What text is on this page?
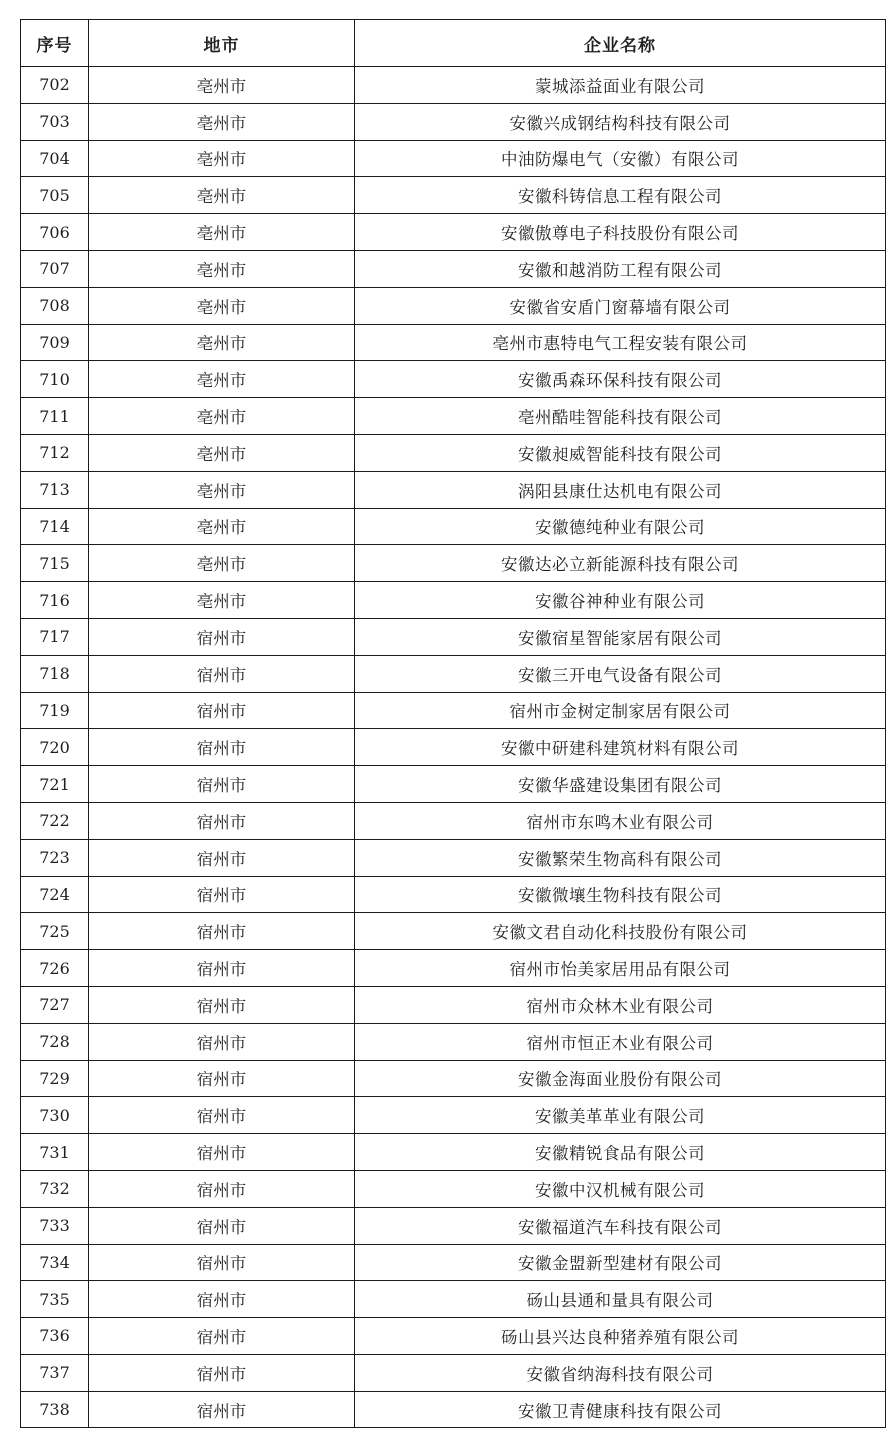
序号	地市	企业名称
702	亳州市	蒙城添益面业有限公司
703	亳州市	安徽兴成钢结构科技有限公司
704	亳州市	中油防爆电气（安徽）有限公司
705	亳州市	安徽科铸信息工程有限公司
706	亳州市	安徽傲尊电子科技股份有限公司
707	亳州市	安徽和越消防工程有限公司
708	亳州市	安徽省安盾门窗幕墙有限公司
709	亳州市	亳州市惠特电气工程安装有限公司
710	亳州市	安徽禹森环保科技有限公司
711	亳州市	亳州酷哇智能科技有限公司
712	亳州市	安徽昶威智能科技有限公司
713	亳州市	涡阳县康仕达机电有限公司
714	亳州市	安徽德纯种业有限公司
715	亳州市	安徽达必立新能源科技有限公司
716	亳州市	安徽谷神种业有限公司
717	宿州市	安徽宿星智能家居有限公司
718	宿州市	安徽三开电气设备有限公司
719	宿州市	宿州市金树定制家居有限公司
720	宿州市	安徽中研建科建筑材料有限公司
721	宿州市	安徽华盛建设集团有限公司
722	宿州市	宿州市东鸣木业有限公司
723	宿州市	安徽繁荣生物高科有限公司
724	宿州市	安徽微壤生物科技有限公司
725	宿州市	安徽文君自动化科技股份有限公司
726	宿州市	宿州市怡美家居用品有限公司
727	宿州市	宿州市众林木业有限公司
728	宿州市	宿州市恒正木业有限公司
729	宿州市	安徽金海面业股份有限公司
730	宿州市	安徽美革革业有限公司
731	宿州市	安徽精锐食品有限公司
732	宿州市	安徽中汉机械有限公司
733	宿州市	安徽福道汽车科技有限公司
734	宿州市	安徽金盟新型建材有限公司
735	宿州市	砀山县通和量具有限公司
736	宿州市	砀山县兴达良种猪养殖有限公司
737	宿州市	安徽省纳海科技有限公司
738	宿州市	安徽卫青健康科技有限公司
